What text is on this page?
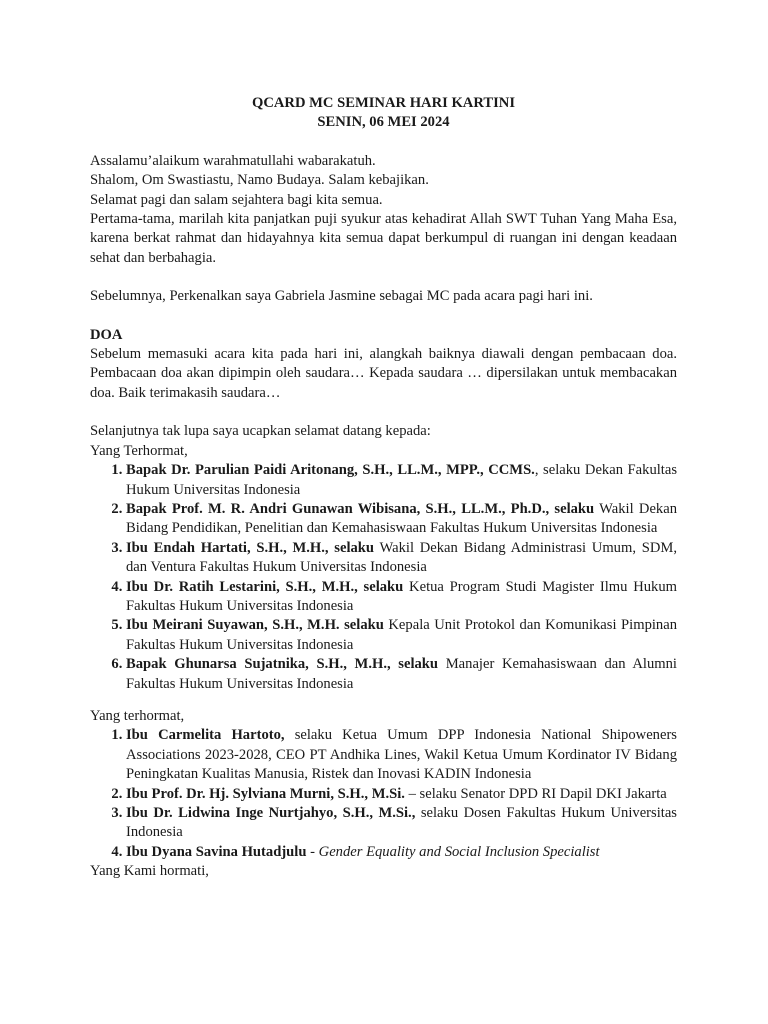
QCARD MC SEMINAR HARI KARTINI

SENIN, 06 MEI 2024

Assalamu’alaikum warahmatullahi wabarakatuh.

Shalom, Om Swastiastu, Namo Budaya. Salam kebajikan.

Selamat pagi dan salam sejahtera bagi kita semua.

Pertama-tama, marilah kita panjatkan puji syukur atas kehadirat Allah SWT Tuhan Yang Maha Esa, karena berkat rahmat dan hidayahnya kita semua dapat berkumpul di ruangan ini dengan keadaan sehat dan berbahagia.

Sebelumnya, Perkenalkan saya Gabriela Jasmine sebagai MC pada acara pagi hari ini.

DOA

Sebelum memasuki acara kita pada hari ini, alangkah baiknya diawali dengan pembacaan doa. Pembacaan doa akan dipimpin oleh saudara… Kepada saudara … dipersilakan untuk membacakan doa. Baik terimakasih saudara…

Selanjutnya tak lupa saya ucapkan selamat datang kepada:

Yang Terhormat,

1. Bapak Dr. Parulian Paidi Aritonang, S.H., LL.M., MPP., CCMS., selaku Dekan Fakultas Hukum Universitas Indonesia
2. Bapak Prof. M. R. Andri Gunawan Wibisana, S.H., LL.M., Ph.D., selaku Wakil Dekan Bidang Pendidikan, Penelitian dan Kemahasiswaan Fakultas Hukum Universitas Indonesia
3. Ibu Endah Hartati, S.H., M.H., selaku Wakil Dekan Bidang Administrasi Umum, SDM, dan Ventura Fakultas Hukum Universitas Indonesia
4. Ibu Dr. Ratih Lestarini, S.H., M.H., selaku Ketua Program Studi Magister Ilmu Hukum Fakultas Hukum Universitas Indonesia
5. Ibu Meirani Suyawan, S.H., M.H. selaku Kepala Unit Protokol dan Komunikasi Pimpinan Fakultas Hukum Universitas Indonesia
6. Bapak Ghunarsa Sujatnika, S.H., M.H., selaku Manajer Kemahasiswaan dan Alumni Fakultas Hukum Universitas Indonesia

Yang terhormat,

1. Ibu Carmelita Hartoto, selaku Ketua Umum DPP Indonesia National Shipoweners Associations 2023-2028, CEO PT Andhika Lines, Wakil Ketua Umum Kordinator IV Bidang Peningkatan Kualitas Manusia, Ristek dan Inovasi KADIN Indonesia
2. Ibu Prof. Dr. Hj. Sylviana Murni, S.H., M.Si. – selaku Senator DPD RI Dapil DKI Jakarta
3. Ibu Dr. Lidwina Inge Nurtjahyo, S.H., M.Si., selaku Dosen Fakultas Hukum Universitas Indonesia
4. Ibu Dyana Savina Hutadjulu - Gender Equality and Social Inclusion Specialist

Yang Kami hormati,
